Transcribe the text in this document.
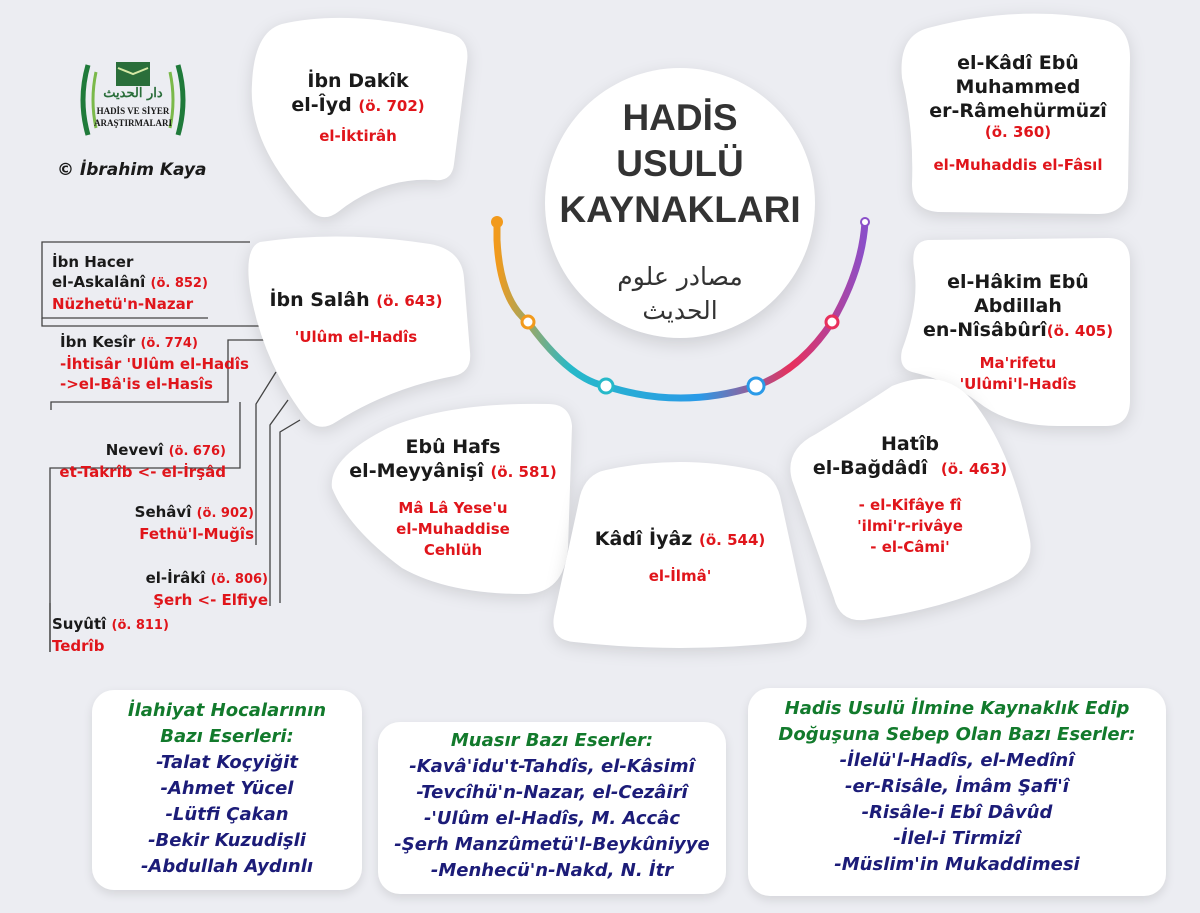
دار الحديث
HADİS VE SİYER
ARAŞTIRMALARI
© İbrahim Kaya
HADİS
USULÜ
KAYNAKLARI
مصادر علوم
الحديث
İbn Dakîk
el-Îyd (ö. 702)
el-İktirâh
el-Kâdî Ebû
Muhammed
er-Râmehürmüzî
(ö. 360)
el-Muhaddis el-Fâsıl
İbn Salâh (ö. 643)
'Ulûm el-Hadîs
el-Hâkim Ebû
Abdillah
en-Nîsâbûrî(ö. 405)
Ma'rifetu
'Ulûmi'l-Hadîs
Ebû Hafs
el-Meyyânişî (ö. 581)
Mâ Lâ Yese'u
el-Muhaddise
Cehlüh	Kâdî İyâz (ö. 544)
el-İlmâ'
Hatîb
el-Bağdâdî (ö. 463)
- el-Kifâye fî
'ilmi'r-rivâye
- el-Câmi'
İbn Hacer
el-Askalânî (ö. 852)
Nüzhetü'n-Nazar
İbn Kesîr (ö. 774)
-İhtisâr 'Ulûm el-Hadîs
->el-Bâ'is el-Hasîs
Nevevî (ö. 676)
et-Takrîb <- el-İrşâd
Sehâvî (ö. 902)
Fethü'l-Muğîs
el-İrâkî (ö. 806)
Şerh <- Elfiye
Suyûtî (ö. 811)
Tedrîb
İlahiyat Hocalarının
Bazı Eserleri:
-Talat Koçyiğit
-Ahmet Yücel
-Lütfi Çakan
-Bekir Kuzudişli
-Abdullah Aydınlı
Muasır Bazı Eserler:
-Kavâ'idu't-Tahdîs, el-Kâsimî
-Tevcîhü'n-Nazar, el-Cezâirî
-'Ulûm el-Hadîs, M. Accâc
-Şerh Manzûmetü'l-Beykûniyye
-Menhecü'n-Nakd, N. İtr
Hadis Usulü İlmine Kaynaklık Edip
Doğuşuna Sebep Olan Bazı Eserler:
-İlelü'l-Hadîs, el-Medînî
-er-Risâle, İmâm Şafi'î
-Risâle-i Ebî Dâvûd
-İlel-i Tirmizî
-Müslim'in Mukaddimesi
